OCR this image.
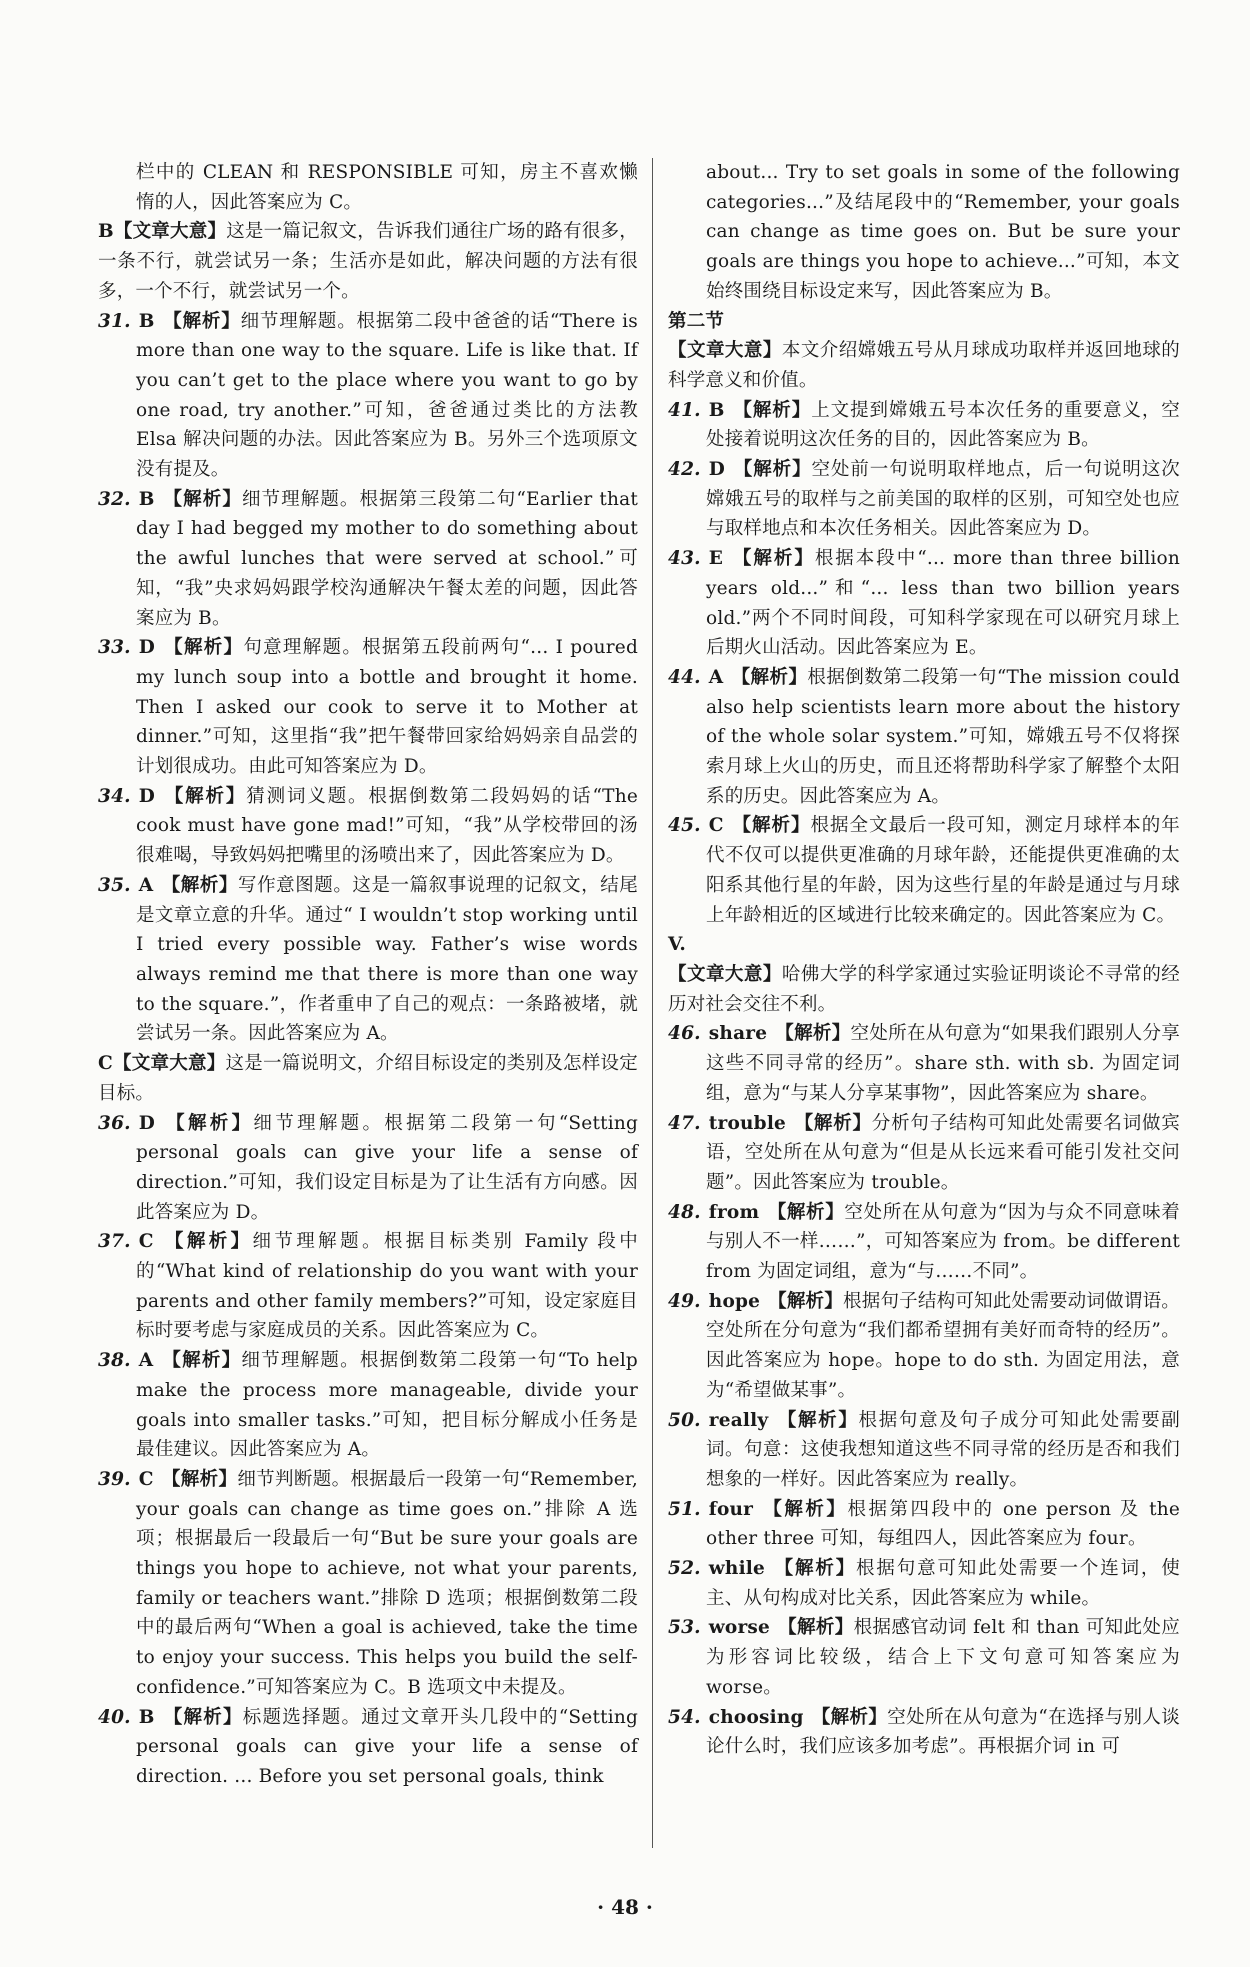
栏中的 CLEAN 和 RESPONSIBLE 可知，房主不喜欢懒惰的人，因此答案应为 C。

B【文章大意】这是一篇记叙文，告诉我们通往广场的路有很多，一条不行，就尝试另一条；生活亦是如此，解决问题的方法有很多，一个不行，就尝试另一个。

31. B 【解析】细节理解题。根据第二段中爸爸的话“There is more than one way to the square. Life is like that. If you can’t get to the place where you want to go by one road, try another.”可知，爸爸通过类比的方法教 Elsa 解决问题的办法。因此答案应为 B。另外三个选项原文没有提及。

32. B 【解析】细节理解题。根据第三段第二句“Earlier that day I had begged my mother to do something about the awful lunches that were served at school.”可知，“我”央求妈妈跟学校沟通解决午餐太差的问题，因此答案应为 B。

33. D 【解析】句意理解题。根据第五段前两句“... I poured my lunch soup into a bottle and brought it home. Then I asked our cook to serve it to Mother at dinner.”可知，这里指“我”把午餐带回家给妈妈亲自品尝的计划很成功。由此可知答案应为 D。

34. D 【解析】猜测词义题。根据倒数第二段妈妈的话“The cook must have gone mad!”可知，“我”从学校带回的汤很难喝，导致妈妈把嘴里的汤喷出来了，因此答案应为 D。

35. A 【解析】写作意图题。这是一篇叙事说理的记叙文，结尾是文章立意的升华。通过“ I wouldn’t stop working until I tried every possible way. Father’s wise words always remind me that there is more than one way to the square.”，作者重申了自己的观点：一条路被堵，就尝试另一条。因此答案应为 A。

C【文章大意】这是一篇说明文，介绍目标设定的类别及怎样设定目标。

36. D 【解析】细节理解题。根据第二段第一句“Setting personal goals can give your life a sense of direction.”可知，我们设定目标是为了让生活有方向感。因此答案应为 D。

37. C 【解析】细节理解题。根据目标类别 Family 段中的“What kind of relationship do you want with your parents and other family members?”可知，设定家庭目标时要考虑与家庭成员的关系。因此答案应为 C。

38. A 【解析】细节理解题。根据倒数第二段第一句“To help make the process more manageable, divide your goals into smaller tasks.”可知，把目标分解成小任务是最佳建议。因此答案应为 A。

39. C 【解析】细节判断题。根据最后一段第一句“Remember, your goals can change as time goes on.”排除 A 选项；根据最后一段最后一句“But be sure your goals are things you hope to achieve, not what your parents, family or teachers want.”排除 D 选项；根据倒数第二段中的最后两句“When a goal is achieved, take the time to enjoy your success. This helps you build the self-confidence.”可知答案应为 C。B 选项文中未提及。

40. B 【解析】标题选择题。通过文章开头几段中的“Setting personal goals can give your life a sense of direction. ... Before you set personal goals, think

about... Try to set goals in some of the following categories...”及结尾段中的“Remember, your goals can change as time goes on. But be sure your goals are things you hope to achieve...”可知，本文始终围绕目标设定来写，因此答案应为 B。

第二节

【文章大意】本文介绍嫦娥五号从月球成功取样并返回地球的科学意义和价值。

41. B 【解析】上文提到嫦娥五号本次任务的重要意义，空处接着说明这次任务的目的，因此答案应为 B。

42. D 【解析】空处前一句说明取样地点，后一句说明这次嫦娥五号的取样与之前美国的取样的区别，可知空处也应与取样地点和本次任务相关。因此答案应为 D。

43. E 【解析】根据本段中“... more than three billion years old...”和“... less than two billion years old.”两个不同时间段，可知科学家现在可以研究月球上后期火山活动。因此答案应为 E。

44. A 【解析】根据倒数第二段第一句“The mission could also help scientists learn more about the history of the whole solar system.”可知，嫦娥五号不仅将探索月球上火山的历史，而且还将帮助科学家了解整个太阳系的历史。因此答案应为 A。

45. C 【解析】根据全文最后一段可知，测定月球样本的年代不仅可以提供更准确的月球年龄，还能提供更准确的太阳系其他行星的年龄，因为这些行星的年龄是通过与月球上年龄相近的区域进行比较来确定的。因此答案应为 C。

V.

【文章大意】哈佛大学的科学家通过实验证明谈论不寻常的经历对社会交往不利。

46. share 【解析】空处所在从句意为“如果我们跟别人分享这些不同寻常的经历”。share sth. with sb. 为固定词组，意为“与某人分享某事物”，因此答案应为 share。

47. trouble 【解析】分析句子结构可知此处需要名词做宾语，空处所在从句意为“但是从长远来看可能引发社交问题”。因此答案应为 trouble。

48. from 【解析】空处所在从句意为“因为与众不同意味着与别人不一样……”，可知答案应为 from。be different from 为固定词组，意为“与……不同”。

49. hope 【解析】根据句子结构可知此处需要动词做谓语。空处所在分句意为“我们都希望拥有美好而奇特的经历”。因此答案应为 hope。hope to do sth. 为固定用法，意为“希望做某事”。

50. really 【解析】根据句意及句子成分可知此处需要副词。句意：这使我想知道这些不同寻常的经历是否和我们想象的一样好。因此答案应为 really。

51. four 【解析】根据第四段中的 one person 及 the other three 可知，每组四人，因此答案应为 four。

52. while 【解析】根据句意可知此处需要一个连词，使主、从句构成对比关系，因此答案应为 while。

53. worse 【解析】根据感官动词 felt 和 than 可知此处应为形容词比较级，结合上下文句意可知答案应为 worse。

54. choosing 【解析】空处所在从句意为“在选择与别人谈论什么时，我们应该多加考虑”。再根据介词 in 可

· 48 ·
